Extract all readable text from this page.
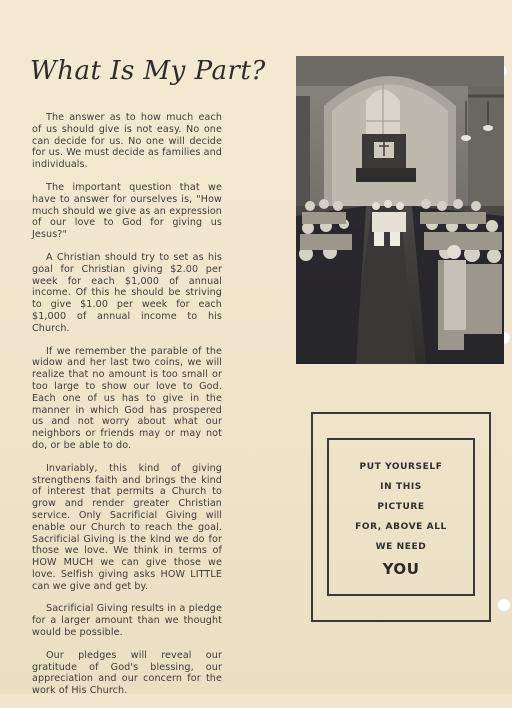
What Is My Part?

The answer as to how much each of us should give is not easy. No one can decide for us. No one will decide for us. We must decide as families and individuals.

The important question that we have to answer for ourselves is, "How much should we give as an expression of our love to God for giving us Jesus?"

A Christian should try to set as his goal for Christian giving $2.00 per week for each $1,000 of annual income. Of this he should be striving to give $1.00 per week for each $1,000 of annual income to his Church.

If we remember the parable of the widow and her last two coins, we will realize that no amount is too small or too large to show our love to God. Each one of us has to give in the manner in which God has prospered us and not worry about what our neighbors or friends may or may not do, or be able to do.

Invariably, this kind of giving strengthens faith and brings the kind of interest that permits a Church to grow and render greater Christian service. Only Sacrificial Giving will enable our Church to reach the goal. Sacrificial Giving is the kind we do for those we love. We think in terms of HOW MUCH we can give those we love. Selfish giving asks HOW LITTLE can we give and get by.

Sacrificial Giving results in a pledge for a larger amount than we thought would be possible.

Our pledges will reveal our gratitude of God's blessing, our appreciation and our concern for the work of His Church.

PUT YOURSELF
IN THIS
PICTURE
FOR, ABOVE ALL
WE NEED
YOU
